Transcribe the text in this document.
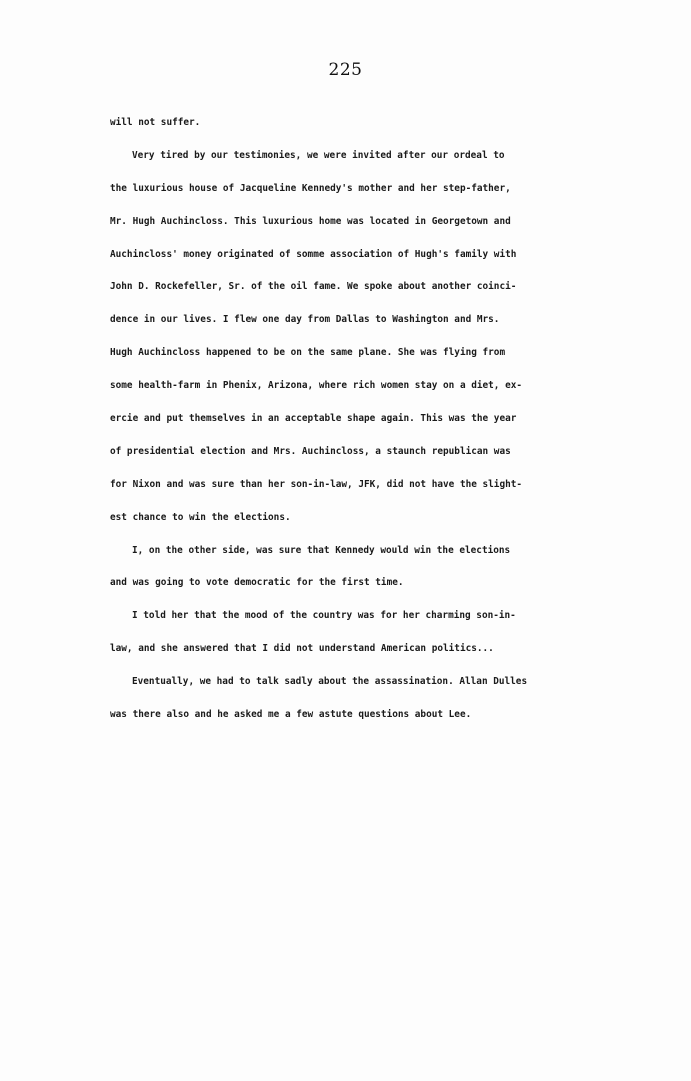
225
will not suffer.
Very tired by our testimonies, we were invited after our ordeal to
the luxurious house of Jacqueline Kennedy's mother and her step-father,
Mr. Hugh Auchincloss. This luxurious home was located in Georgetown and
Auchincloss' money originated of somme association of Hugh's family with
John D. Rockefeller, Sr. of the oil fame. We spoke about another coinci-
dence in our lives. I flew one day from Dallas to Washington and Mrs.
Hugh Auchincloss happened to be on the same plane. She was flying from
some health-farm in Phenix, Arizona, where rich women stay on a diet, ex-
ercie and put themselves in an acceptable shape again. This was the year
of presidential election and Mrs. Auchincloss, a staunch republican was
for Nixon and was sure than her son-in-law, JFK, did not have the slight-
est chance to win the elections.
I, on the other side, was sure that Kennedy would win the elections
and was going to vote democratic for the first time.
I told her that the mood of the country was for her charming son-in-
law, and she answered that I did not understand American politics...
Eventually, we had to talk sadly about the assassination. Allan Dulles
was there also and he asked me a few astute questions about Lee.
